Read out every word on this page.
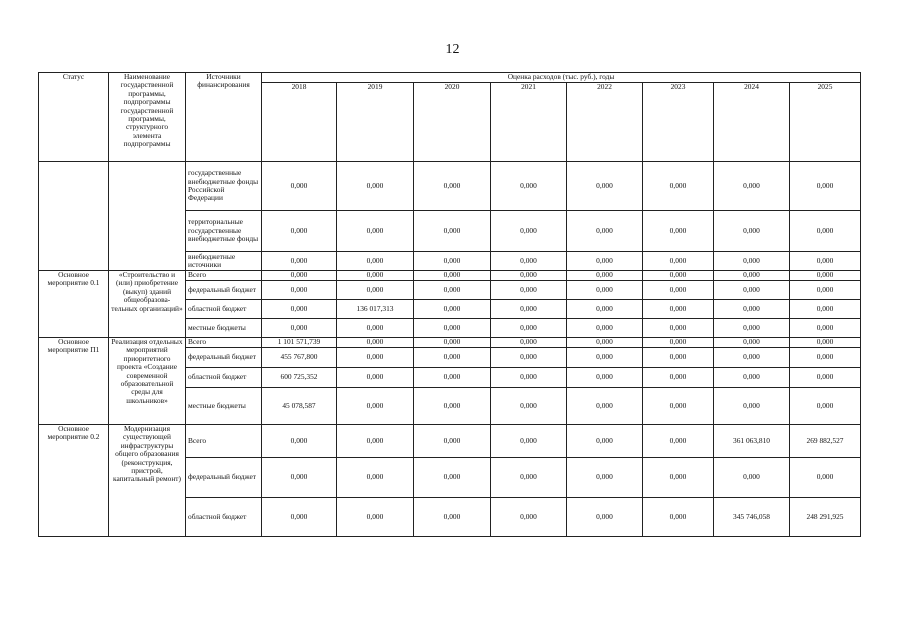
12
Статус	Наименование государственной программы, подпрограммы государственной программы, структурного элемента подпрограммы	Источники финансирования	Оценка расходов (тыс. руб.), годы							
			2018	2019	2020	2021	2022	2023	2024	2025
		государственные внебюджетные фонды Российской Федерации	0,000	0,000	0,000	0,000	0,000	0,000	0,000	0,000
		территориальные государственные внебюджетные фонды	0,000	0,000	0,000	0,000	0,000	0,000	0,000	0,000
		внебюджетные источники	0,000	0,000	0,000	0,000	0,000	0,000	0,000	0,000
Основное мероприятие 0.1	«Строительство и (или) приобретение (выкуп) зданий общеобразова-тельных организаций»	Всего	0,000	0,000	0,000	0,000	0,000	0,000	0,000	0,000
		федеральный бюджет	0,000	0,000	0,000	0,000	0,000	0,000	0,000	0,000
		областной бюджет	0,000	136 017,313	0,000	0,000	0,000	0,000	0,000	0,000
		местные бюджеты	0,000	0,000	0,000	0,000	0,000	0,000	0,000	0,000
Основное мероприятие П1	Реализация отдельных мероприятий приоритетного проекта «Создание современной образовательной среды для школьников»	Всего	1 101 571,739	0,000	0,000	0,000	0,000	0,000	0,000	0,000
		федеральный бюджет	455 767,800	0,000	0,000	0,000	0,000	0,000	0,000	0,000
		областной бюджет	600 725,352	0,000	0,000	0,000	0,000	0,000	0,000	0,000
		местные бюджеты	45 078,587	0,000	0,000	0,000	0,000	0,000	0,000	0,000
Основное мероприятие 0.2	Модернизация существующей инфраструктуры общего образования (реконструкция, пристрой, капитальный ремонт)	Всего	0,000	0,000	0,000	0,000	0,000	0,000	361 063,810	269 882,527
		федеральный бюджет	0,000	0,000	0,000	0,000	0,000	0,000	0,000	0,000
		областной бюджет	0,000	0,000	0,000	0,000	0,000	0,000	345 746,058	248 291,925
